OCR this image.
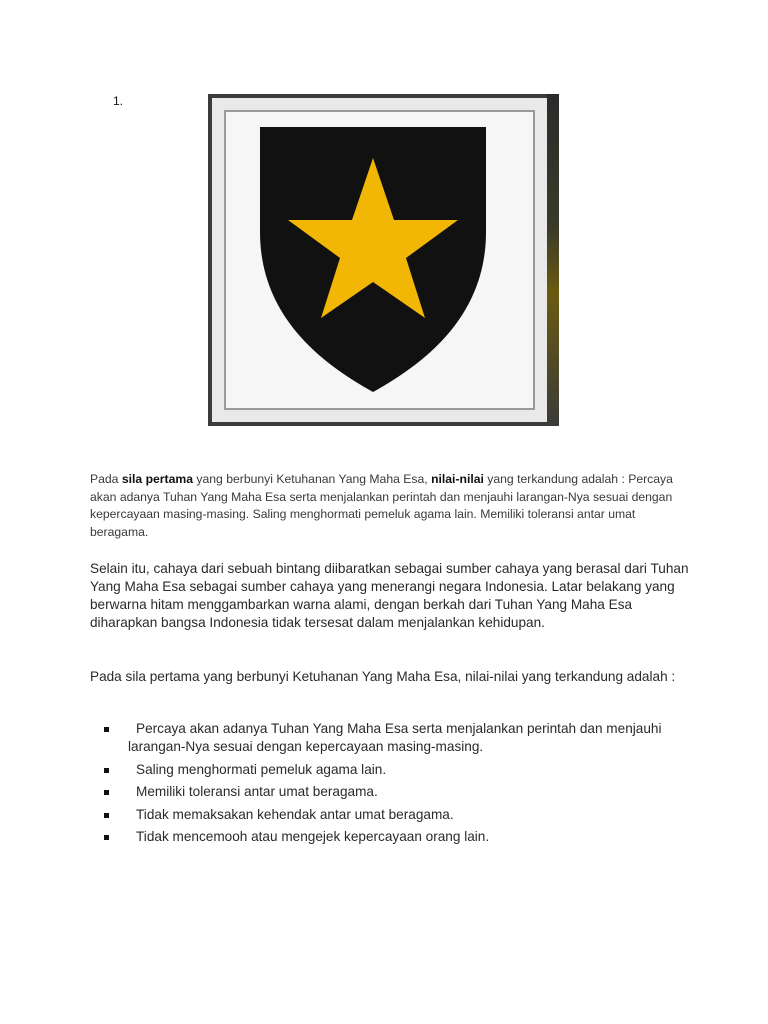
1.

Pada sila pertama yang berbunyi Ketuhanan Yang Maha Esa, nilai-nilai yang terkandung adalah : Percaya akan adanya Tuhan Yang Maha Esa serta menjalankan perintah dan menjauhi larangan-Nya sesuai dengan kepercayaan masing-masing. Saling menghormati pemeluk agama lain. Memiliki toleransi antar umat beragama.

Selain itu, cahaya dari sebuah bintang diibaratkan sebagai sumber cahaya yang berasal dari Tuhan Yang Maha Esa sebagai sumber cahaya yang menerangi negara Indonesia. Latar belakang yang berwarna hitam menggambarkan warna alami, dengan berkah dari Tuhan Yang Maha Esa diharapkan bangsa Indonesia tidak tersesat dalam menjalankan kehidupan.

Pada sila pertama yang berbunyi Ketuhanan Yang Maha Esa, nilai-nilai yang terkandung adalah :

Percaya akan adanya Tuhan Yang Maha Esa serta menjalankan perintah dan menjauhi larangan-Nya sesuai dengan kepercayaan masing-masing.
Saling menghormati pemeluk agama lain.
Memiliki toleransi antar umat beragama.
Tidak memaksakan kehendak antar umat beragama.
Tidak mencemooh atau mengejek kepercayaan orang lain.
